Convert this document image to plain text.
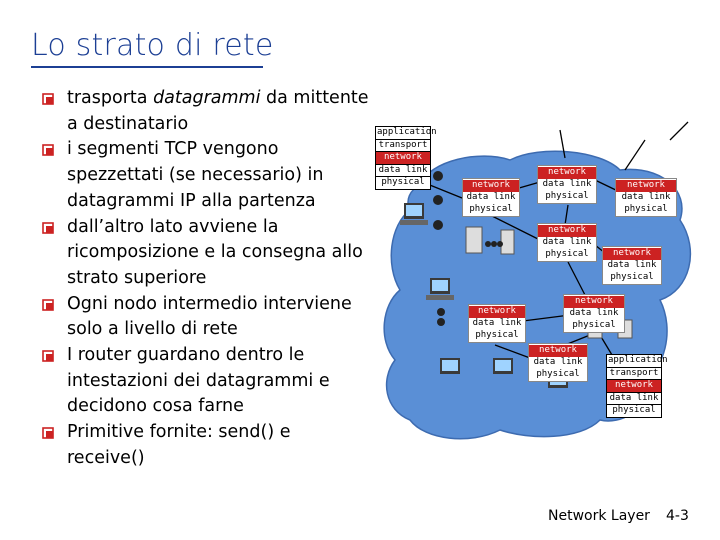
Lo strato di rete
trasporta datagrammi da mittente a destinatario
i segmenti TCP vengono spezzettati (se necessario) in datagrammi IP alla partenza
dall’altro lato avviene la ricomposizione e la consegna allo strato superiore
Ogni nodo intermedio interviene solo a livello di rete
I router guardano dentro le intestazioni dei datagrammi e decidono cosa farne
Primitive fornite: send() e receive()
application
transport
network
data link
physical	network
data link
physical
network
data link
physical
network
data link
physical
network
data link
physical	network
data link
physical
network
data link
physical
network
data link
physical
network
data link
physical
application
transport
network
data link
physical
Network Layer 4-3
